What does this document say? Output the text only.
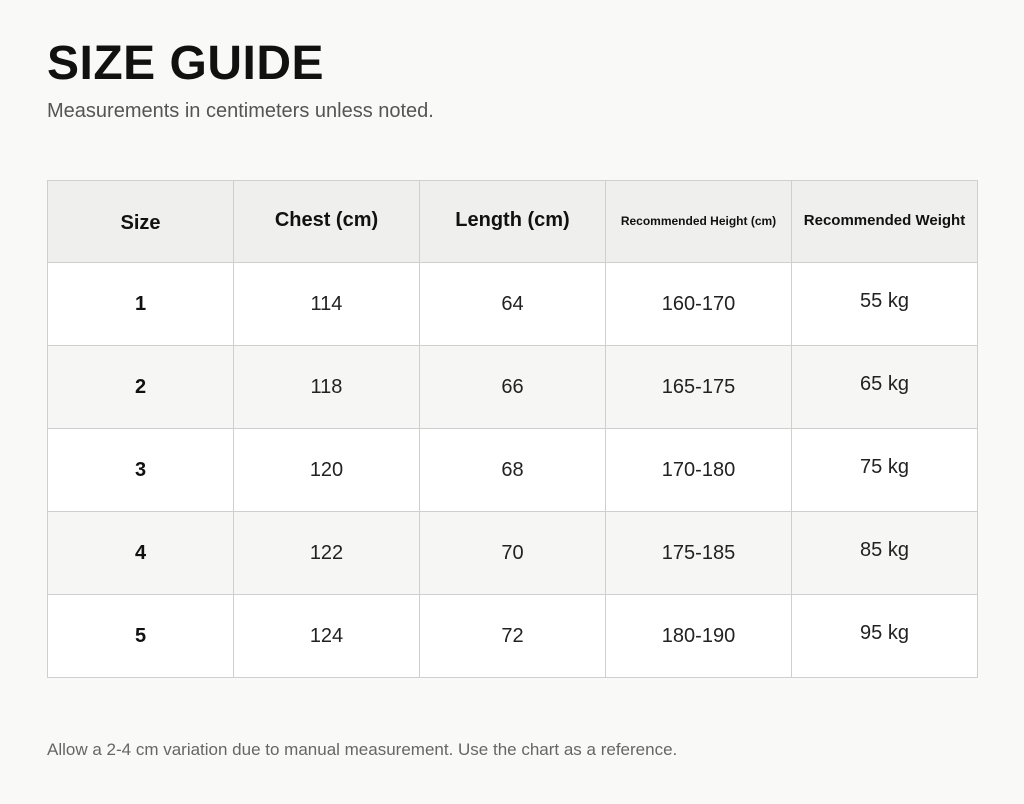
SIZE GUIDE

Measurements in centimeters unless noted.

Size	Chest (cm)	Length (cm)	Recommended Height (cm)	Recommended Weight
1	114	64	160-170	55 kg
2	118	66	165-175	65 kg
3	120	68	170-180	75 kg
4	122	70	175-185	85 kg
5	124	72	180-190	95 kg

Allow a 2-4 cm variation due to manual measurement. Use the chart as a reference.
